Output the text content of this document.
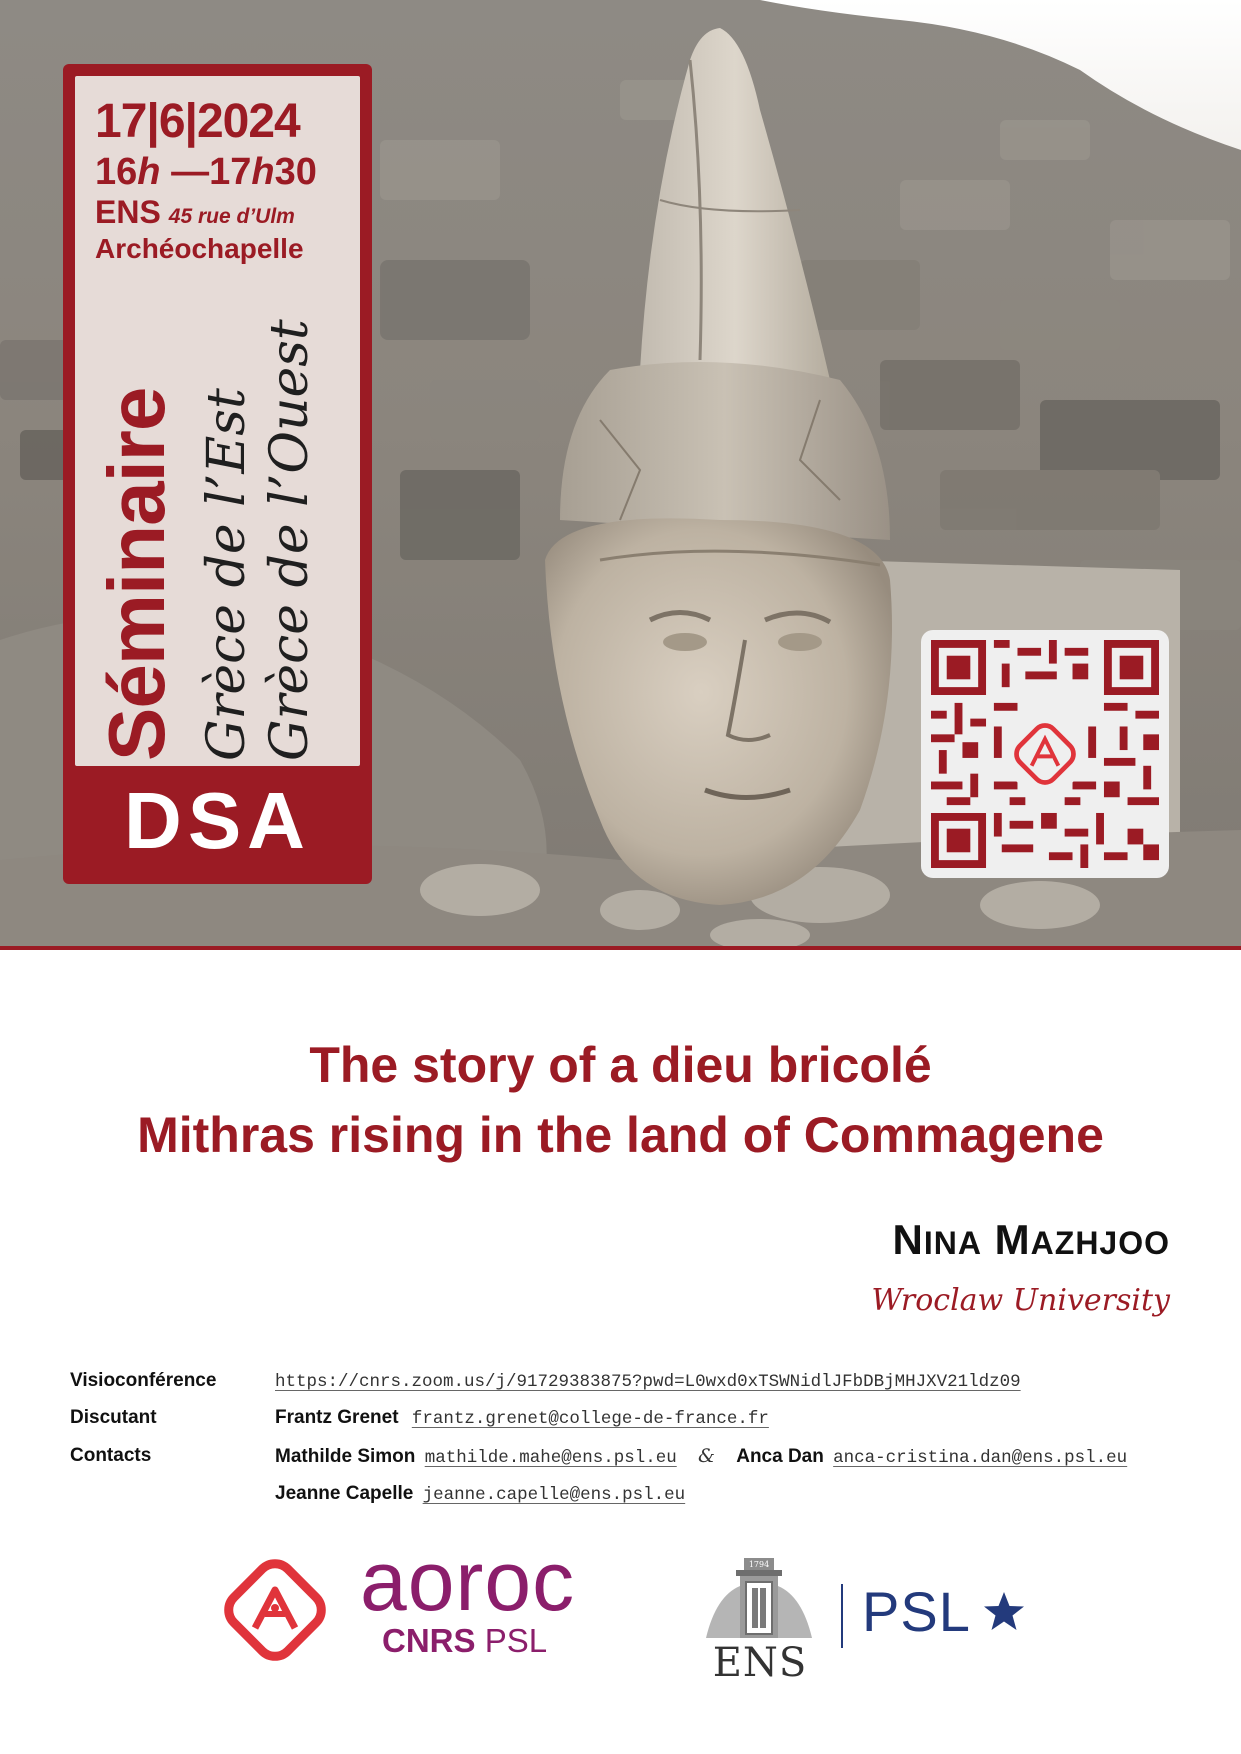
17|6|2024
16h —17h30
ENS 45 rue d’Ulm
Archéochapelle
Séminaire Grèce de l’Est Grèce de l’Ouest
DSA
The story of a dieu bricolé
Mithras rising in the land of Commagene
NINA MAZHJOO
Wroclaw University
Visioconférence	https://cnrs.zoom.us/j/91729383875?pwd=L0wxd0xTSWNidlJFbDBjMHJXV21ldz09
Discutant	Frantz Grenet frantz.grenet@college-de-france.fr
Contacts	Mathilde Simon mathilde.mahe@ens.psl.eu & Anca Dan anca-cristina.dan@ens.psl.eu
Jeanne Capelle jeanne.capelle@ens.psl.eu
aoroc
CNRS PSL
1794
ENS
PSL
